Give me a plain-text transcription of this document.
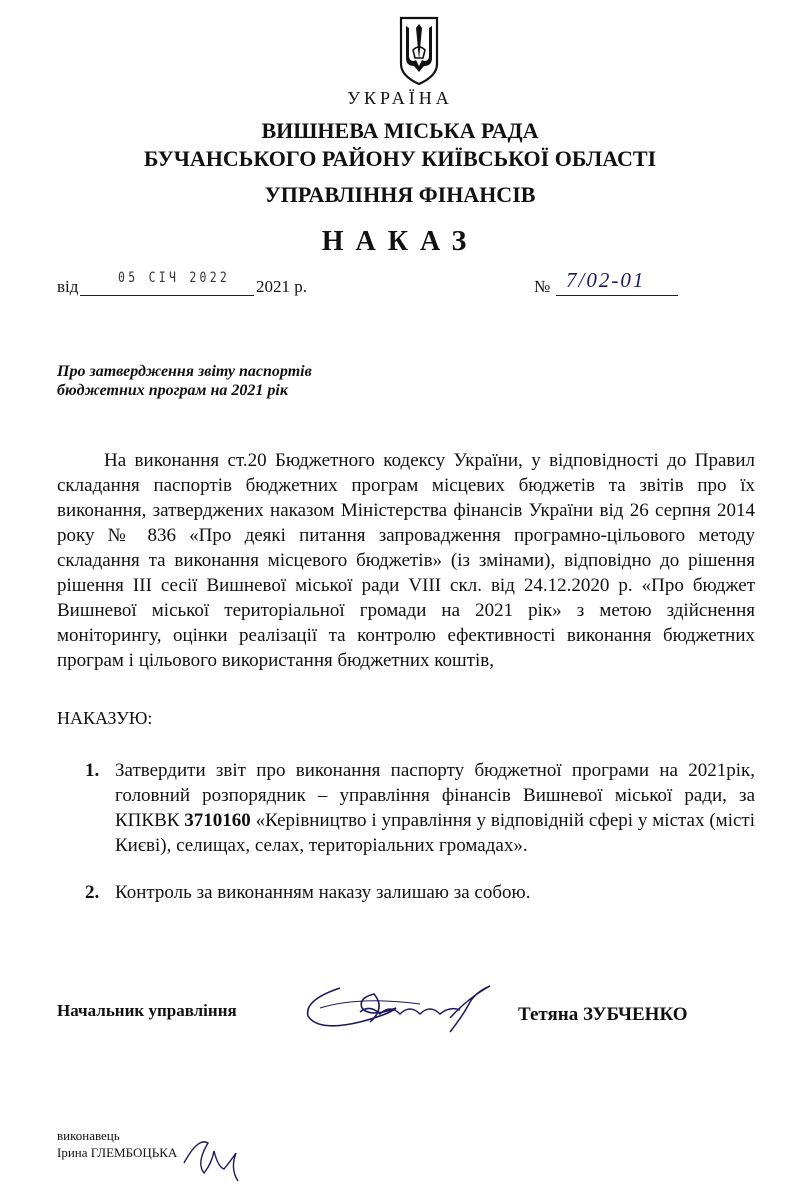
УКРАЇНА
ВИШНЕВА МІСЬКА РАДА
БУЧАНСЬКОГО РАЙОНУ КИЇВСЬКОЇ ОБЛАСТІ
УПРАВЛІННЯ ФІНАНСІВ
НАКАЗ
від	05 СІЧ 2022 2021 р.	№ 7/02-01
Про затвердження звіту паспортів
бюджетних програм на 2021 рік
На виконання ст.20 Бюджетного кодексу України, у відповідності до Правил складання паспортів бюджетних програм місцевих бюджетів та звітів про їх виконання, затверджених наказом Міністерства фінансів України від 26 серпня 2014 року № 836 «Про деякі питання запровадження програмно-цільового методу складання та виконання місцевого бюджетів» (із змінами), відповідно до рішення рішення ІІІ сесії Вишневої міської ради VIII скл. від 24.12.2020 р. «Про бюджет Вишневої міської територіальної громади на 2021 рік» з метою здійснення моніторингу, оцінки реалізації та контролю ефективності виконання бюджетних програм і цільового використання бюджетних коштів,
НАКАЗУЮ:
1. Затвердити звіт про виконання паспорту бюджетної програми на 2021рік, головний розпорядник – управління фінансів Вишневої міської ради, за КПКВК 3710160 «Керівництво і управління у відповідній сфері у містах (місті Києві), селищах, селах, територіальних громадах».
2. Контроль за виконанням наказу залишаю за собою.
Начальник управління	Тетяна ЗУБЧЕНКО
виконавець
Ірина ГЛЕМБОЦЬКА
